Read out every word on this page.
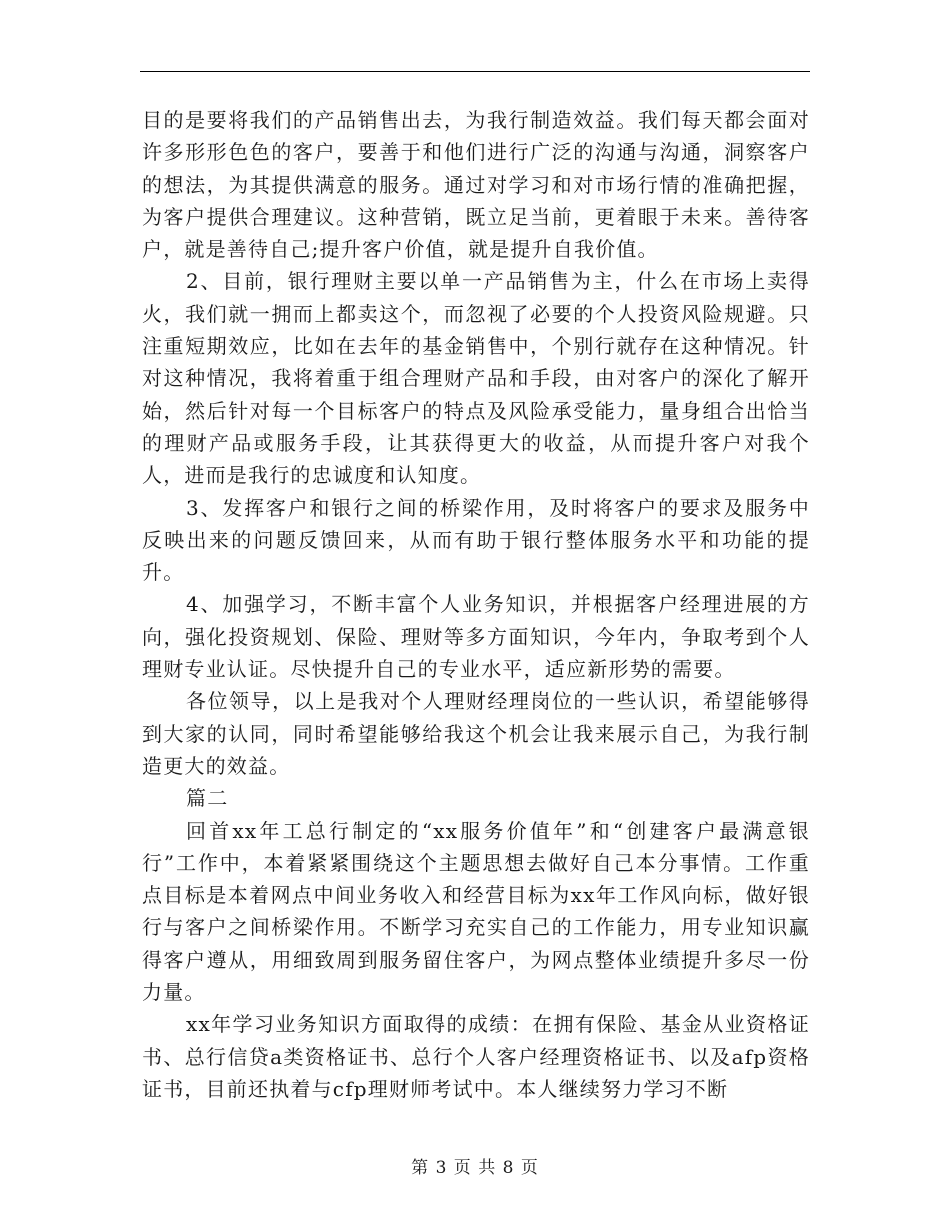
目的是要将我们的产品销售出去，为我行制造效益。我们每天都会面对许多形形色色的客户，要善于和他们进行广泛的沟通与沟通，洞察客户的想法，为其提供满意的服务。通过对学习和对市场行情的准确把握，为客户提供合理建议。这种营销，既立足当前，更着眼于未来。善待客户，就是善待自己;提升客户价值，就是提升自我价值。

2、目前，银行理财主要以单一产品销售为主，什么在市场上卖得火，我们就一拥而上都卖这个，而忽视了必要的个人投资风险规避。只注重短期效应，比如在去年的基金销售中，个别行就存在这种情况。针对这种情况，我将着重于组合理财产品和手段，由对客户的深化了解开始，然后针对每一个目标客户的特点及风险承受能力，量身组合出恰当的理财产品或服务手段，让其获得更大的收益，从而提升客户对我个人，进而是我行的忠诚度和认知度。

3、发挥客户和银行之间的桥梁作用，及时将客户的要求及服务中反映出来的问题反馈回来，从而有助于银行整体服务水平和功能的提升。

4、加强学习，不断丰富个人业务知识，并根据客户经理进展的方向，强化投资规划、保险、理财等多方面知识，今年内，争取考到个人理财专业认证。尽快提升自己的专业水平，适应新形势的需要。

各位领导，以上是我对个人理财经理岗位的一些认识，希望能够得到大家的认同，同时希望能够给我这个机会让我来展示自己，为我行制造更大的效益。

篇二

回首xx年工总行制定的“xx服务价值年”和“创建客户最满意银行”工作中，本着紧紧围绕这个主题思想去做好自己本分事情。工作重点目标是本着网点中间业务收入和经营目标为xx年工作风向标，做好银行与客户之间桥梁作用。不断学习充实自己的工作能力，用专业知识赢得客户遵从，用细致周到服务留住客户，为网点整体业绩提升多尽一份力量。

xx年学习业务知识方面取得的成绩：在拥有保险、基金从业资格证书、总行信贷a类资格证书、总行个人客户经理资格证书、以及afp资格证书，目前还执着与cfp理财师考试中。本人继续努力学习不断

第 3 页 共 8 页
